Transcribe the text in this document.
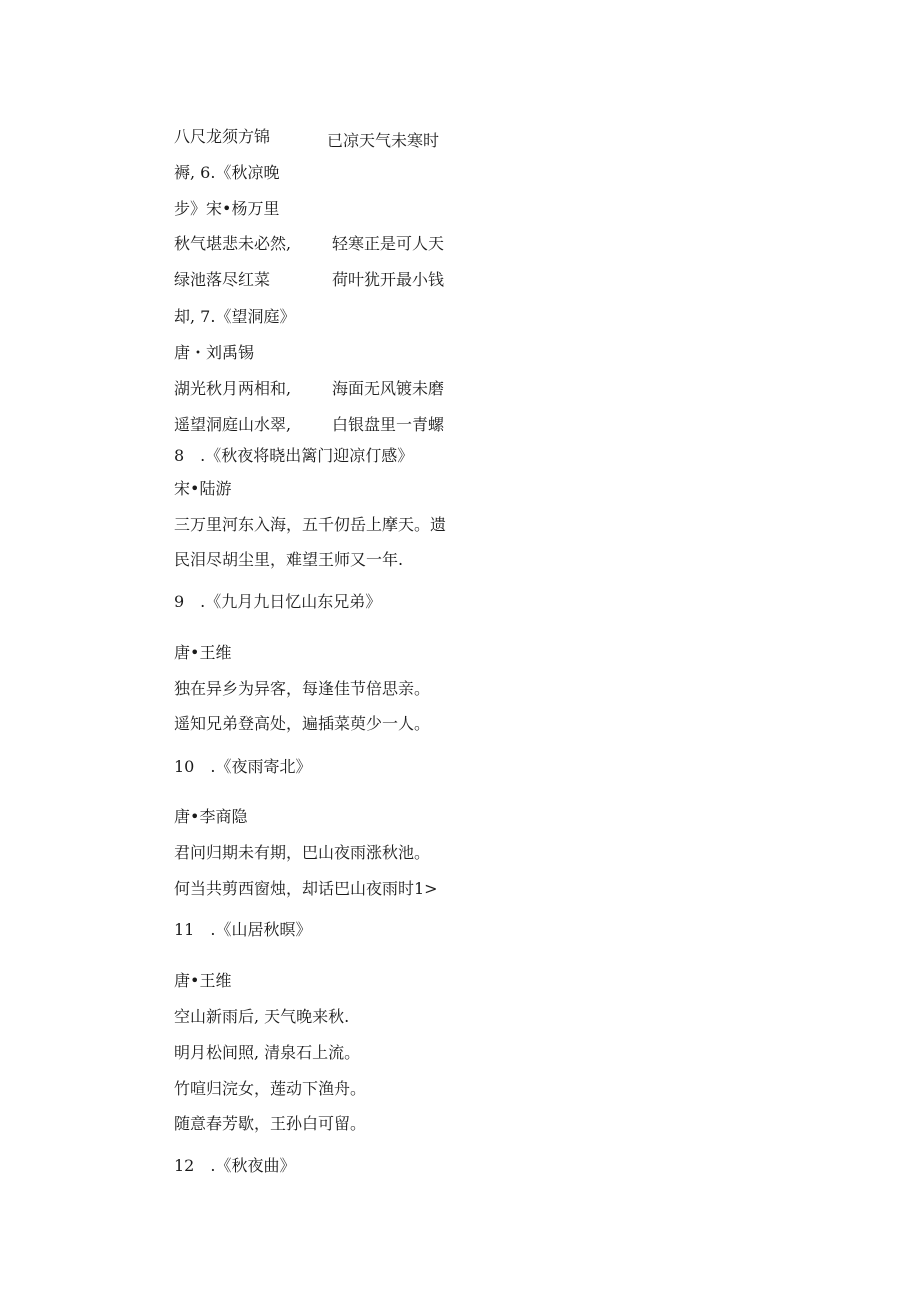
八尺龙须方锦	已凉天气未寒时
褥, 6.《秋凉晚
步》宋•杨万里
秋气堪悲未必然,	轻寒正是可人天
绿池落尽红菜	荷叶犹开最小钱
却, 7.《望洞庭》
唐・刘禹锡
湖光秋月两相和,	海面无风镀未磨
遥望洞庭山水翠,	白银盘里一青螺
8　.《秋夜将晓出篱门迎凉仃感》
宋•陆游
三万里河东入海，五千仞岳上摩天。遗
民泪尽胡尘里，难望王师又一年.
9　.《九月九日忆山东兄弟》
唐•王维
独在异乡为异客，每逢佳节倍思亲。
遥知兄弟登高处，遍插菜萸少一人。
10　.《夜雨寄北》
唐•李商隐
君问归期未有期，巴山夜雨涨秋池。
何当共剪西窗烛，却话巴山夜雨时1>
11　.《山居秋暝》
唐•王维
空山新雨后, 天气晚来秋.
明月松间照, 清泉石上流。
竹喧归浣女，莲动下渔舟。
随意春芳歇，王孙白可留。
12　.《秋夜曲》
